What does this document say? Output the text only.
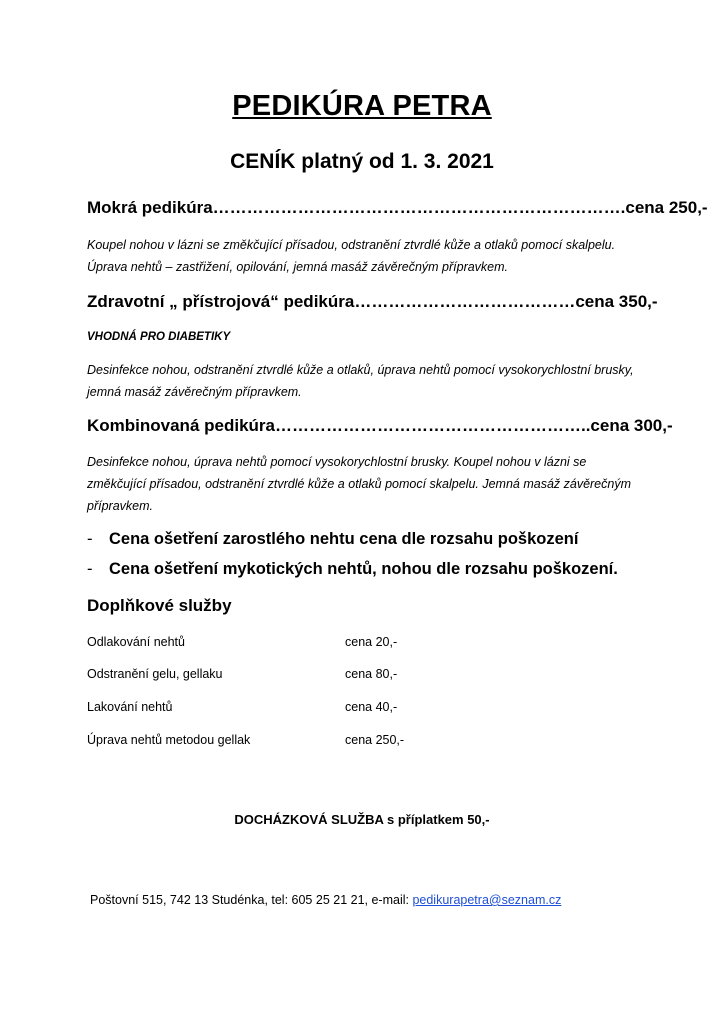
PEDIKÚRA PETRA
CENÍK platný od 1. 3. 2021
Mokrá pedikúra……………………………………………………………….cena 250,-
Koupel nohou v lázni se změkčující přísadou, odstranění ztvrdlé kůže a otlaků pomocí skalpelu. Úprava nehtů – zastřižení, opilování, jemná masáž závěrečným přípravkem.
Zdravotní „ přístrojová“ pedikúra…………………………………cena 350,-
VHODNÁ PRO DIABETIKY
Desinfekce nohou, odstranění ztvrdlé kůže a otlaků, úprava nehtů pomocí vysokorychlostní brusky, jemná masáž závěrečným přípravkem.
Kombinovaná pedikúra………………………………………………..cena 300,-
Desinfekce nohou, úprava nehtů pomocí vysokorychlostní brusky. Koupel nohou v lázni se změkčující přísadou, odstranění ztvrdlé kůže a otlaků pomocí skalpelu. Jemná masáž závěrečným přípravkem.
- Cena ošetření zarostlého nehtu cena dle rozsahu poškození
- Cena ošetření mykotických nehtů, nohou dle rozsahu poškození.
Doplňkové služby
Odlakování nehtů	cena 20,-
Odstranění gelu, gellaku	cena 80,-
Lakování nehtů	cena 40,-
Úprava nehtů metodou gellak	cena 250,-
DOCHÁZKOVÁ SLUŽBA s příplatkem 50,-
Poštovní 515, 742 13 Studénka, tel: 605 25 21 21, e-mail: pedikurapetra@seznam.cz
